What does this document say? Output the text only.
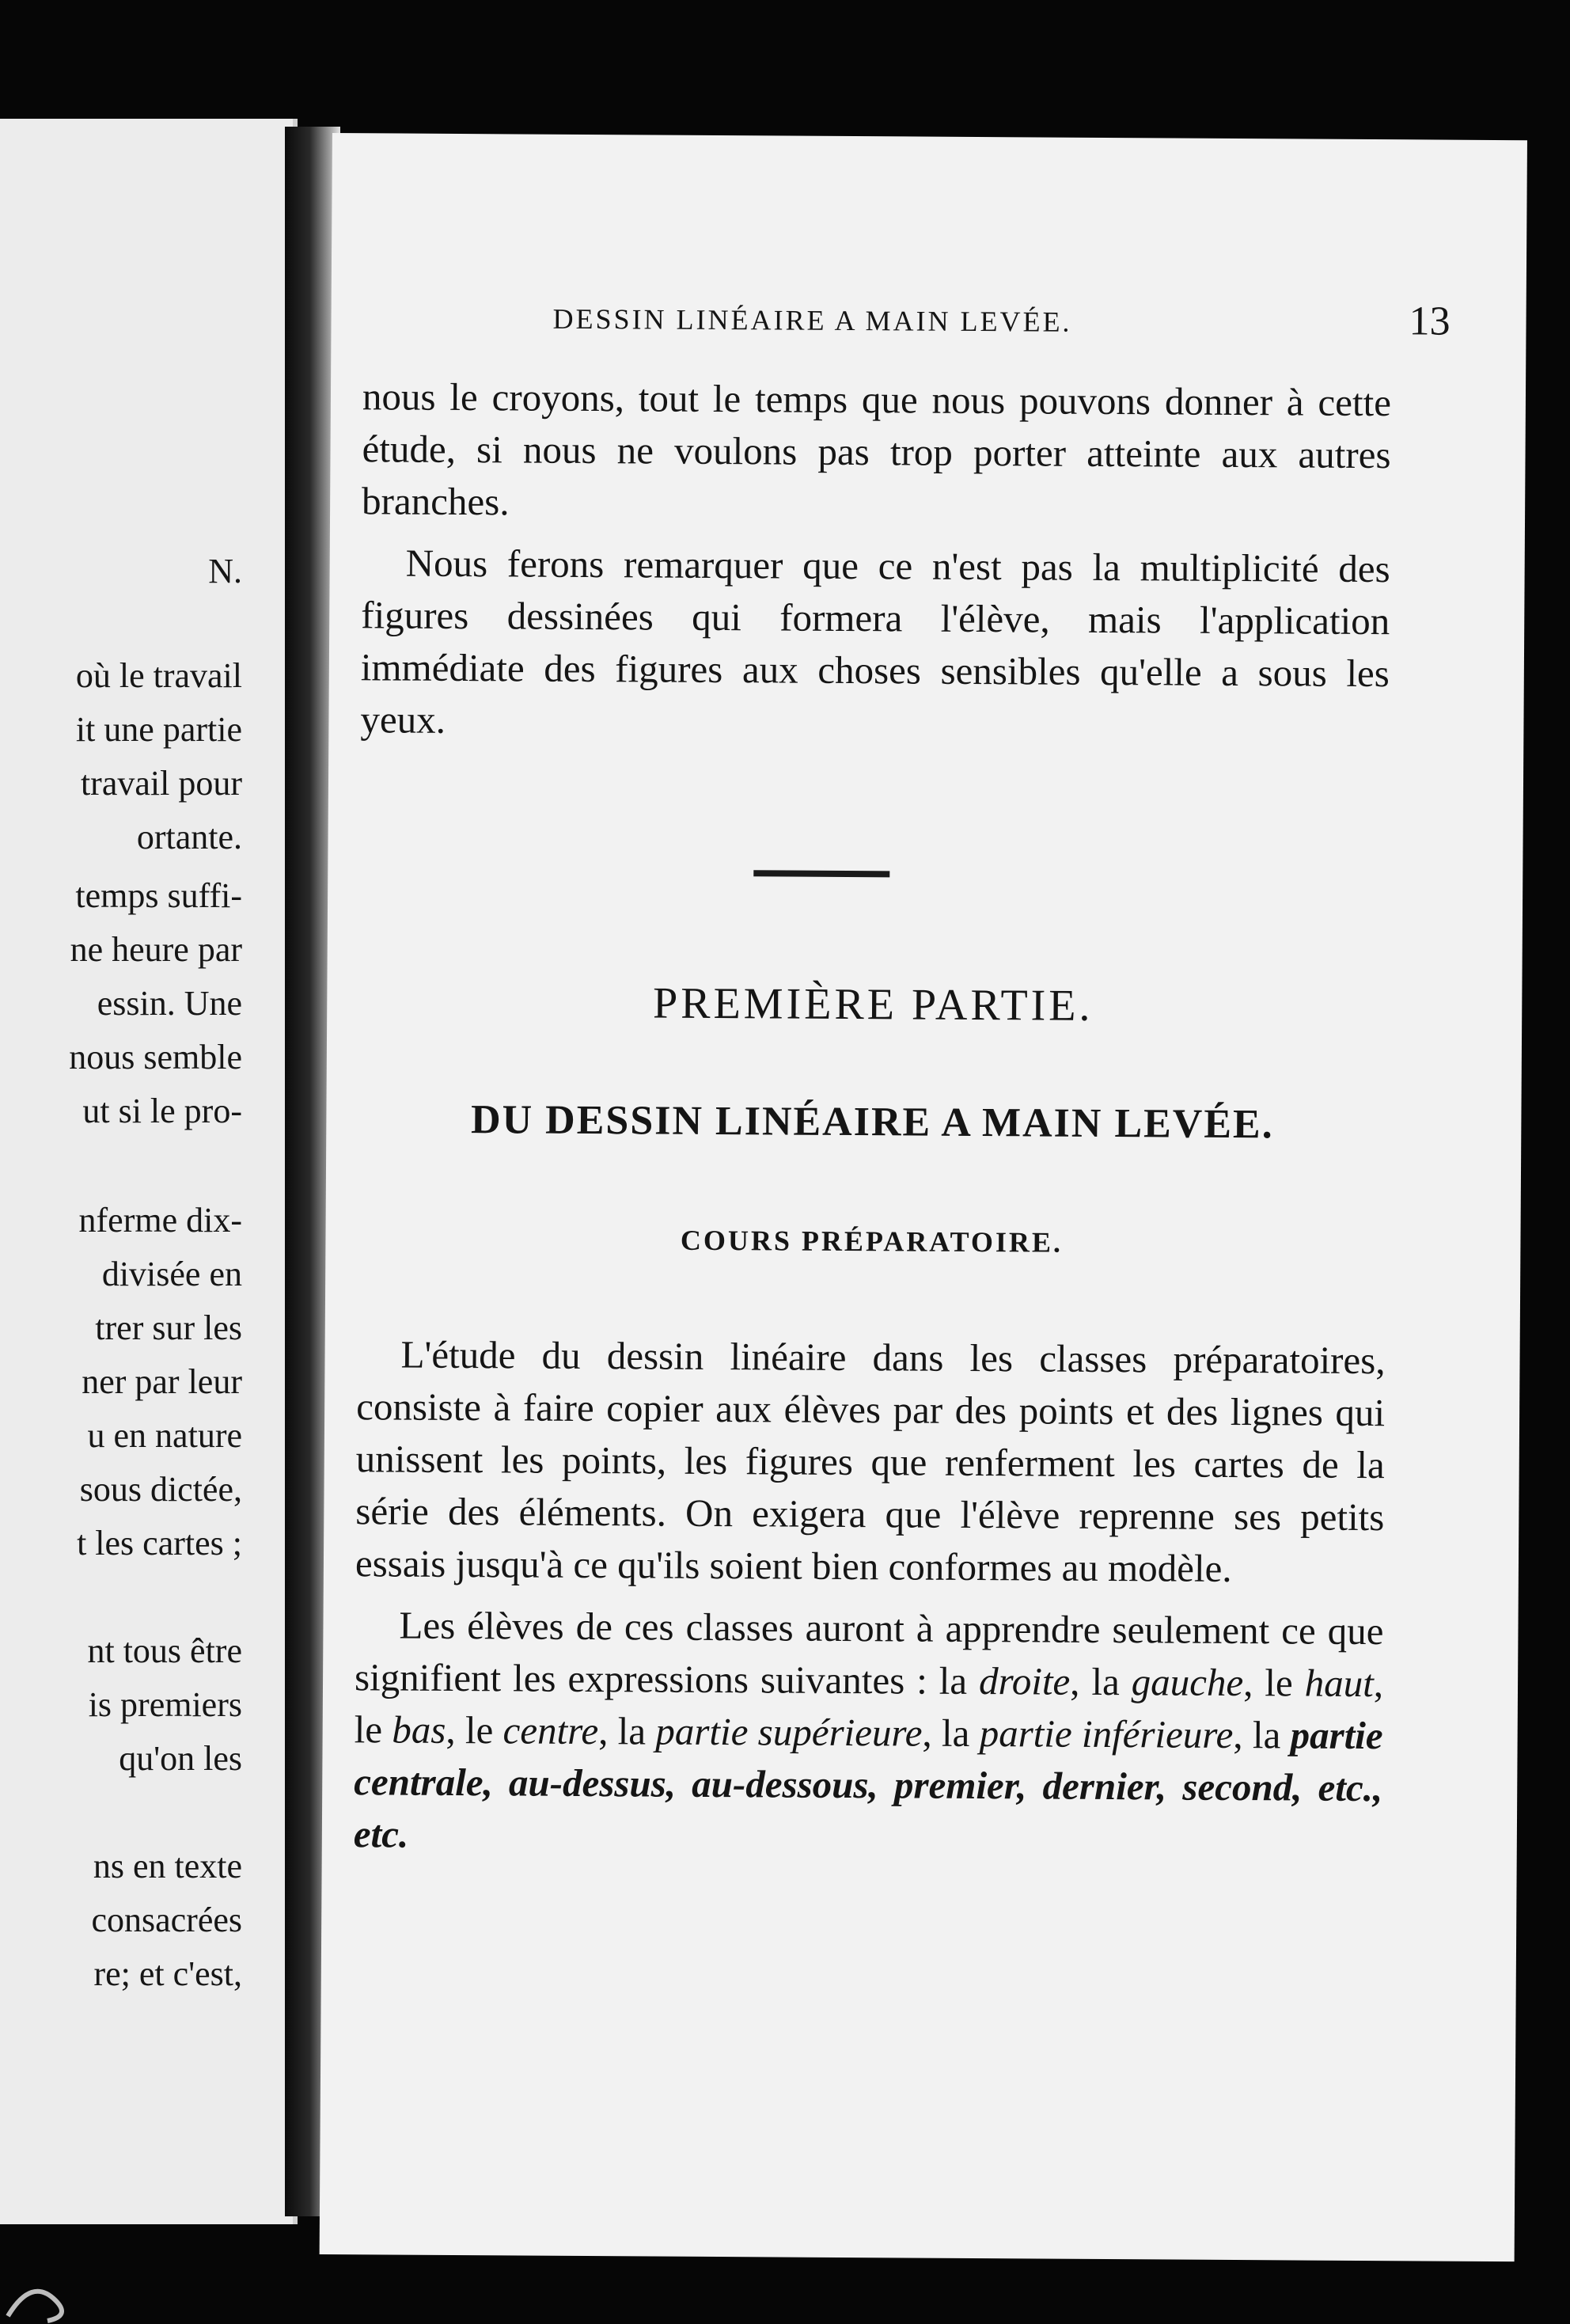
N.
où le travail
it une partie
travail pour
ortante.
temps suffi-
ne heure par
essin. Une
nous semble
ut si le pro-
nferme dix-
divisée en
trer sur les
ner par leur
u en nature
sous dictée,
t les cartes ;
nt tous être
is premiers
qu'on les
ns en texte
consacrées
re; et c'est,
DESSIN LINÉAIRE A MAIN LEVÉE.	13

nous le croyons, tout le temps que nous pouvons donner à cette étude, si nous ne voulons pas trop porter atteinte aux autres branches.

Nous ferons remarquer que ce n'est pas la multiplicité des figures dessinées qui formera l'élève, mais l'application immédiate des figures aux choses sensibles qu'elle a sous les yeux.

PREMIÈRE PARTIE.
DU DESSIN LINÉAIRE A MAIN LEVÉE.
COURS PRÉPARATOIRE.

L'étude du dessin linéaire dans les classes préparatoires, consiste à faire copier aux élèves par des points et des lignes qui unissent les points, les figures que renferment les cartes de la série des éléments. On exigera que l'élève reprenne ses petits essais jusqu'à ce qu'ils soient bien conformes au modèle.

Les élèves de ces classes auront à apprendre seulement ce que signifient les expressions suivantes : la droite, la gauche, le haut, le bas, le centre, la partie supérieure, la partie inférieure, la partie centrale, au-dessus, au-dessous, premier, dernier, second, etc., etc.
